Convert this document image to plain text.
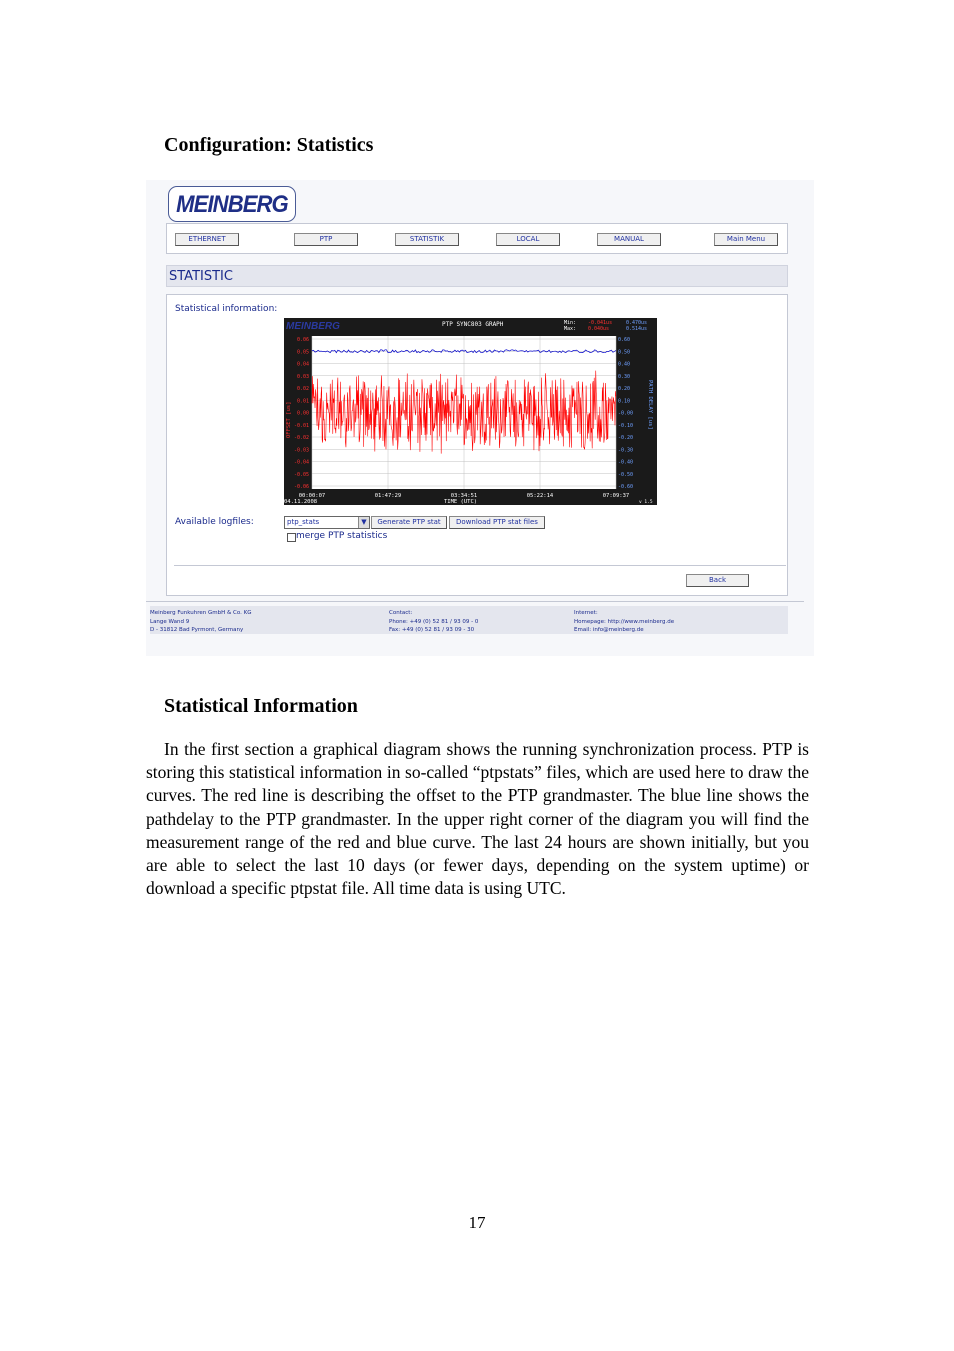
Configuration: Statistics
MEINBERG
ETHERNET	PTP	STATISTIK	LOCAL	MANUAL	Main Menu
STATISTIC
Statistical information:
0.06	0.60
0.05	0.50
0.04	0.40
0.03	0.30
0.02	0.20
0.01	0.10
0.00	-0.00
-0.01	-0.10
-0.02	-0.20
-0.03	-0.30
-0.04	-0.40
-0.05	-0.50
-0.06	-0.60
00:00:07	01:47:29	03:34:51	05:22:14	07:09:37
MEINBERG	PTP SYNC803 GRAPH	Min:
Max:
-0.041us
0.040us
0.470us
0.514us
OFFSET [us]	PATH DELAY [us]
TIME (UTC)
04.11.2008	v 1.5
Available logfiles:	ptp_stats	▼	Generate PTP stat	Download PTP stat files
merge PTP statistics
Back
Meinberg Funkuhren GmbH & Co. KG
Lange Wand 9
D - 31812 Bad Pyrmont, Germany
Contact:
Phone: +49 (0) 52 81 / 93 09 - 0
Fax: +49 (0) 52 81 / 93 09 - 30
Internet:
Homepage: http://www.meinberg.de
Email: info@meinberg.de
Statistical Information

In the first section a graphical diagram shows the running synchronization process. PTP is storing this statistical information in so-called “ptpstats” files, which are used here to draw the curves. The red line is describing the offset to the PTP grandmaster. The blue line shows the pathdelay to the PTP grandmaster. In the upper right corner of the diagram you will find the measurement range of the red and blue curve. The last 24 hours are shown initially, but you are able to select the last 10 days (or fewer days, depending on the system uptime) or download a specific ptpstat file. All time data is using UTC.

17
